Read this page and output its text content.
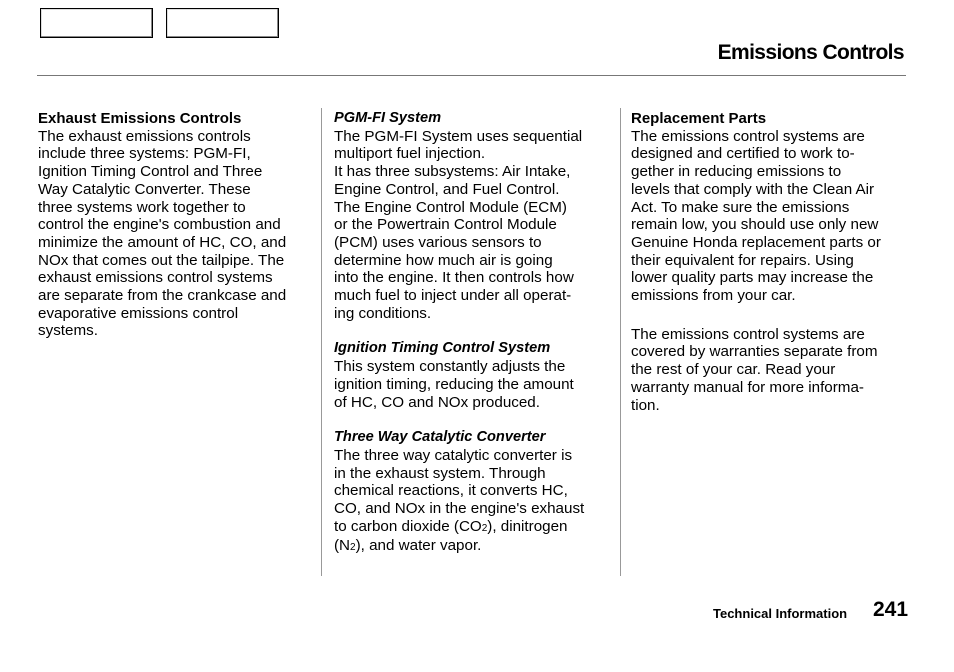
Emissions Controls
Exhaust Emissions Controls
The exhaust emissions controls
include three systems: PGM-FI,
Ignition Timing Control and Three
Way Catalytic Converter. These
three systems work together to
control the engine's combustion and
minimize the amount of HC, CO, and
NOx that comes out the tailpipe. The
exhaust emissions control systems
are separate from the crankcase and
evaporative emissions control
systems.
PGM-FI System
The PGM-FI System uses sequential
multiport fuel injection.
It has three subsystems: Air Intake,
Engine Control, and Fuel Control.
The Engine Control Module (ECM)
or the Powertrain Control Module
(PCM) uses various sensors to
determine how much air is going
into the engine. It then controls how
much fuel to inject under all operat-
ing conditions.
Ignition Timing Control System
This system constantly adjusts the
ignition timing, reducing the amount
of HC, CO and NOx produced.
Three Way Catalytic Converter
The three way catalytic converter is
in the exhaust system. Through
chemical reactions, it converts HC,
CO, and NOx in the engine's exhaust
to carbon dioxide (CO2), dinitrogen
(N2), and water vapor.
Replacement Parts
The emissions control systems are
designed and certified to work to-
gether in reducing emissions to
levels that comply with the Clean Air
Act. To make sure the emissions
remain low, you should use only new
Genuine Honda replacement parts or
their equivalent for repairs. Using
lower quality parts may increase the
emissions from your car.
The emissions control systems are
covered by warranties separate from
the rest of your car. Read your
warranty manual for more informa-
tion.
Technical Information 241
